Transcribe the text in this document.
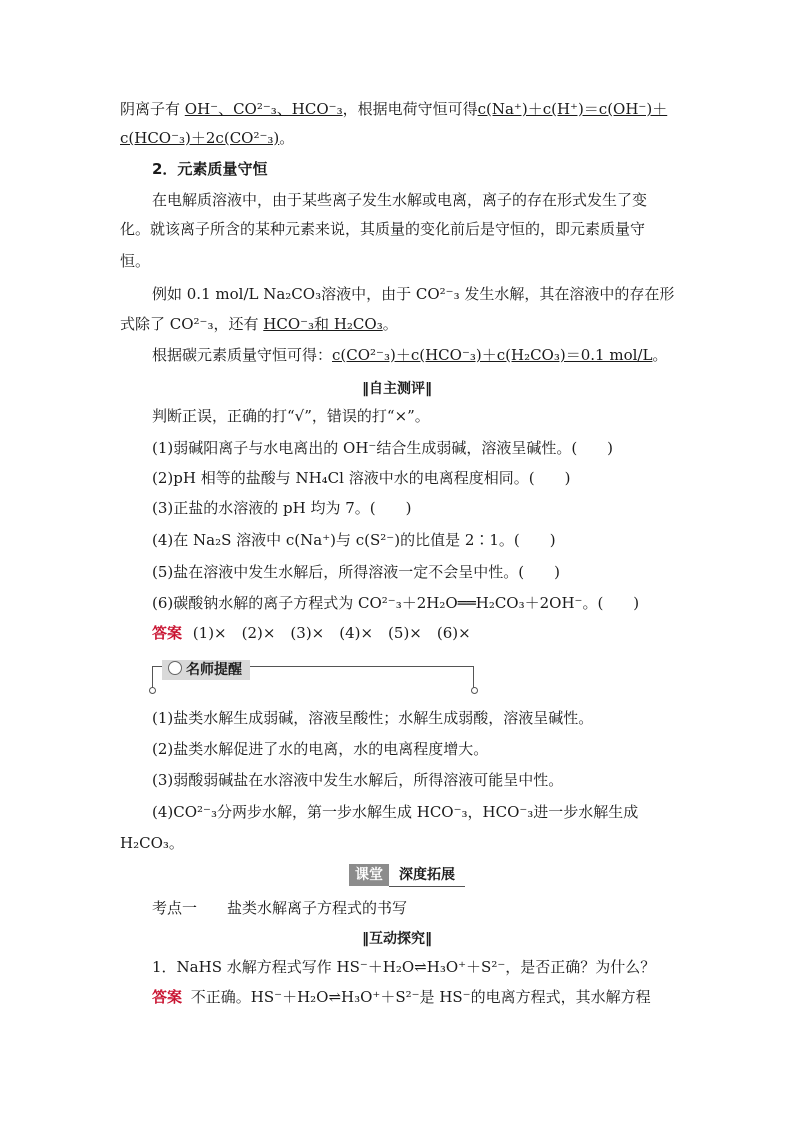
阴离子有 OH⁻、CO²⁻₃、HCO⁻₃，根据电荷守恒可得c(Na⁺)＋c(H⁺)＝c(OH⁻)＋
c(HCO⁻₃)＋2c(CO²⁻₃)。
2．元素质量守恒
在电解质溶液中，由于某些离子发生水解或电离，离子的存在形式发生了变
化。就该离子所含的某种元素来说，其质量的变化前后是守恒的，即元素质量守
恒。
例如 0.1 mol/L Na₂CO₃溶液中，由于 CO²⁻₃ 发生水解，其在溶液中的存在形
式除了 CO²⁻₃，还有 HCO⁻₃和 H₂CO₃。
根据碳元素质量守恒可得：c(CO²⁻₃)＋c(HCO⁻₃)＋c(H₂CO₃)＝0.1 mol/L。
‖自主测评‖
判断正误，正确的打“√”，错误的打“×”。
(1)弱碱阳离子与水电离出的 OH⁻结合生成弱碱，溶液呈碱性。(　　)
(2)pH 相等的盐酸与 NH₄Cl 溶液中水的电离程度相同。(　　)
(3)正盐的水溶液的 pH 均为 7。(　　)
(4)在 Na₂S 溶液中 c(Na⁺)与 c(S²⁻)的比值是 2∶1。(　　)
(5)盐在溶液中发生水解后，所得溶液一定不会呈中性。(　　)
(6)碳酸钠水解的离子方程式为 CO²⁻₃＋2H₂O══H₂CO₃＋2OH⁻。(　　)
答案 (1)×　(2)×　(3)×　(4)×　(5)×　(6)×
名师提醒
(1)盐类水解生成弱碱，溶液呈酸性；水解生成弱酸，溶液呈碱性。
(2)盐类水解促进了水的电离，水的电离程度增大。
(3)弱酸弱碱盐在水溶液中发生水解后，所得溶液可能呈中性。
(4)CO²⁻₃分两步水解，第一步水解生成 HCO⁻₃，HCO⁻₃进一步水解生成
H₂CO₃。
课堂 深度拓展
考点一　　盐类水解离子方程式的书写
‖互动探究‖
1．NaHS 水解方程式写作 HS⁻＋H₂O⇌H₃O⁺＋S²⁻，是否正确？为什么？
答案 不正确。HS⁻＋H₂O⇌H₃O⁺＋S²⁻是 HS⁻的电离方程式，其水解方程
